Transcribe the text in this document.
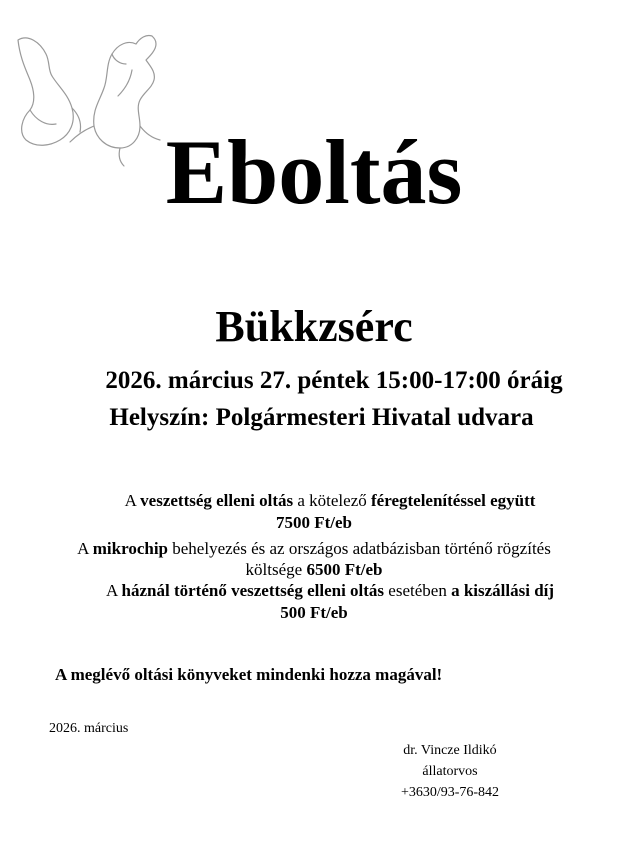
Eboltás
Bükkzsérc
2026. március 27. péntek 15:00-17:00 óráig
Helyszín: Polgármesteri Hivatal udvara
A veszettség elleni oltás a kötelező féregtelenítéssel együtt
7500 Ft/eb
A mikrochip behelyezés és az országos adatbázisban történő rögzítés
költsége 6500 Ft/eb
A háznál történő veszettség elleni oltás esetében a kiszállási díj
500 Ft/eb
A meglévő oltási könyveket mindenki hozza magával!
2026. március
dr. Vincze Ildikó
állatorvos
+3630/93-76-842
